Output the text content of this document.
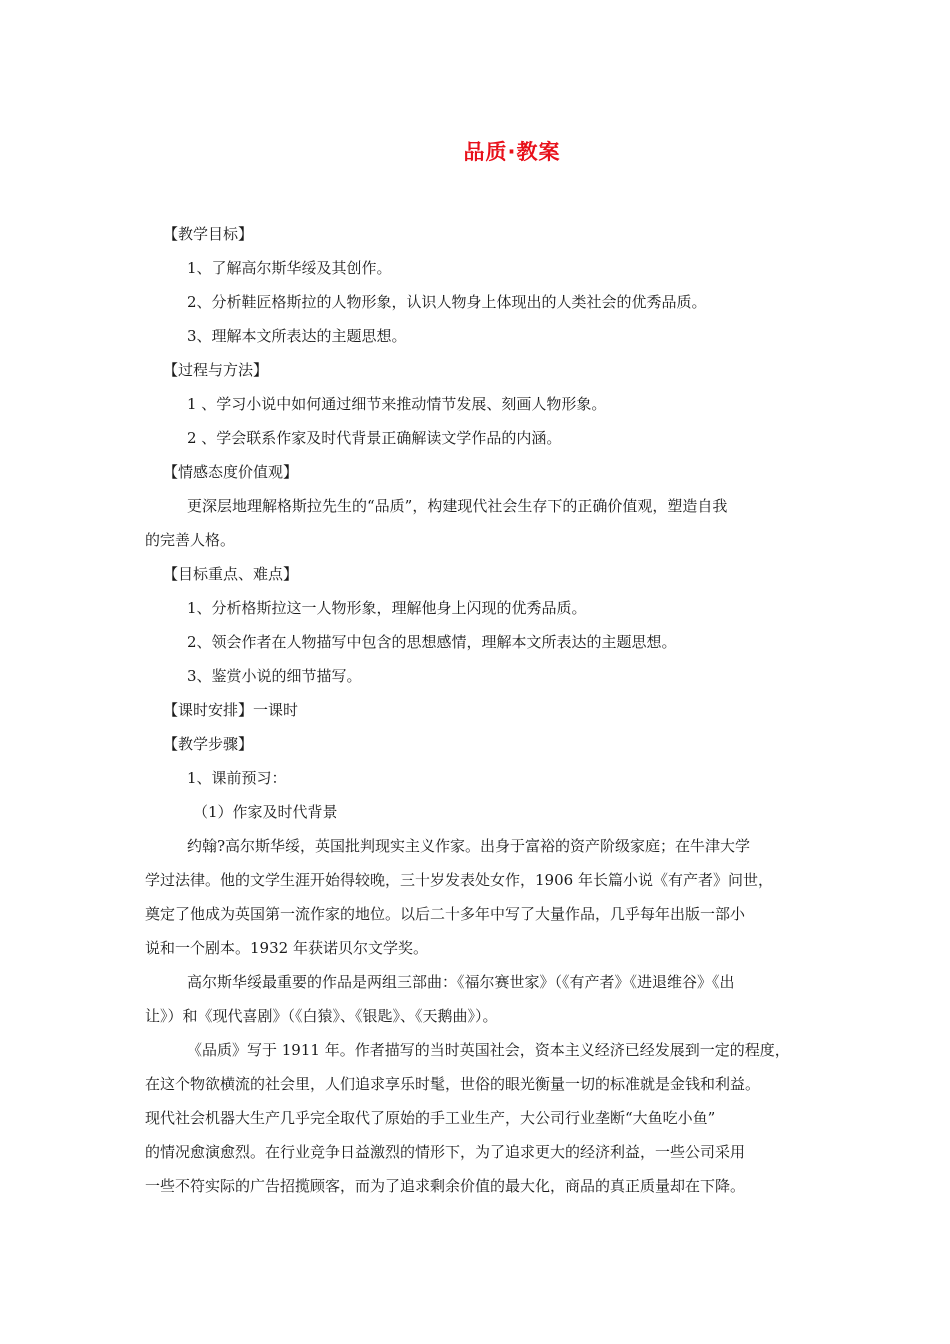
品质·教案
【教学目标】
1、了解高尔斯华绥及其创作。
2、分析鞋匠格斯拉的人物形象，认识人物身上体现出的人类社会的优秀品质。
3、理解本文所表达的主题思想。
【过程与方法】
1 、学习小说中如何通过细节来推动情节发展、刻画人物形象。
2 、学会联系作家及时代背景正确解读文学作品的内涵。
【情感态度价值观】
更深层地理解格斯拉先生的“品质”，构建现代社会生存下的正确价值观，塑造自我
的完善人格。
【目标重点、难点】
1、分析格斯拉这一人物形象，理解他身上闪现的优秀品质。
2、领会作者在人物描写中包含的思想感情，理解本文所表达的主题思想。
3、鉴赏小说的细节描写。
【课时安排】一课时
【教学步骤】
1、课前预习：
（1）作家及时代背景
约翰?高尔斯华绥，英国批判现实主义作家。出身于富裕的资产阶级家庭；在牛津大学
学过法律。他的文学生涯开始得较晚，三十岁发表处女作，1906 年长篇小说《有产者》问世，
奠定了他成为英国第一流作家的地位。以后二十多年中写了大量作品，几乎每年出版一部小
说和一个剧本。1932 年获诺贝尔文学奖。
高尔斯华绥最重要的作品是两组三部曲：《福尔赛世家》（《有产者》《进退维谷》《出
让》）和《现代喜剧》（《白猿》、《银匙》、《天鹅曲》）。
《品质》写于 1911 年。作者描写的当时英国社会，资本主义经济已经发展到一定的程度，
在这个物欲横流的社会里，人们追求享乐时髦，世俗的眼光衡量一切的标准就是金钱和利益。
现代社会机器大生产几乎完全取代了原始的手工业生产，大公司行业垄断“大鱼吃小鱼”
的情况愈演愈烈。在行业竞争日益激烈的情形下，为了追求更大的经济利益，一些公司采用
一些不符实际的广告招揽顾客，而为了追求剩余价值的最大化，商品的真正质量却在下降。
